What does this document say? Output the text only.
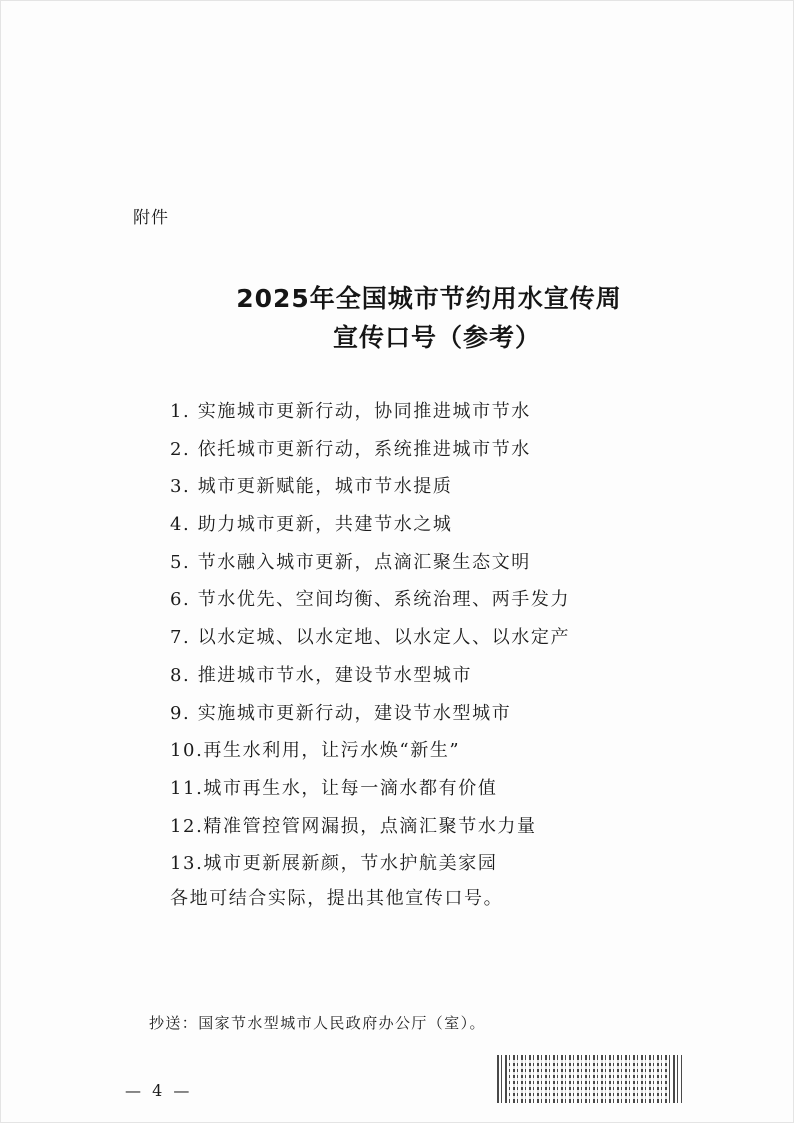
附件
2025年全国城市节约用水宣传周
宣传口号（参考）
1. 实施城市更新行动，协同推进城市节水
2. 依托城市更新行动，系统推进城市节水
3. 城市更新赋能，城市节水提质
4. 助力城市更新，共建节水之城
5. 节水融入城市更新，点滴汇聚生态文明
6. 节水优先、空间均衡、系统治理、两手发力
7. 以水定城、以水定地、以水定人、以水定产
8. 推进城市节水，建设节水型城市
9. 实施城市更新行动，建设节水型城市
10.再生水利用，让污水焕“新生”
11.城市再生水，让每一滴水都有价值
12.精准管控管网漏损，点滴汇聚节水力量
13.城市更新展新颜，节水护航美家园
各地可结合实际，提出其他宣传口号。
抄送：国家节水型城市人民政府办公厅（室）。
— 4 —
